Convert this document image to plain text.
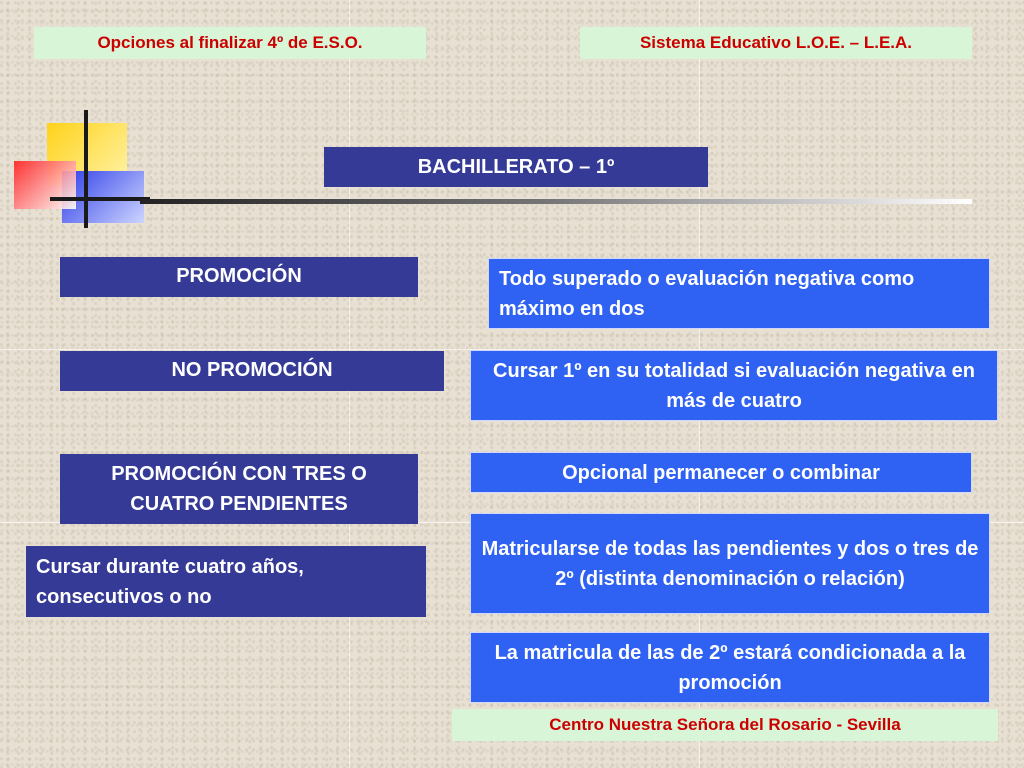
Opciones al finalizar 4º de E.S.O.	Sistema Educativo L.O.E. – L.E.A.
BACHILLERATO – 1º
PROMOCIÓN	Todo superado o evaluación negativa como máximo en dos
NO PROMOCIÓN	Cursar 1º en su totalidad si evaluación negativa en más de cuatro
PROMOCIÓN CON TRES O CUATRO PENDIENTES
Opcional permanecer o combinar
Cursar durante cuatro años, consecutivos o no
Matricularse de todas las pendientes y dos o tres de 2º (distinta denominación o relación)
La matricula de las de 2º estará condicionada a la promoción
Centro Nuestra Señora del Rosario - Sevilla
